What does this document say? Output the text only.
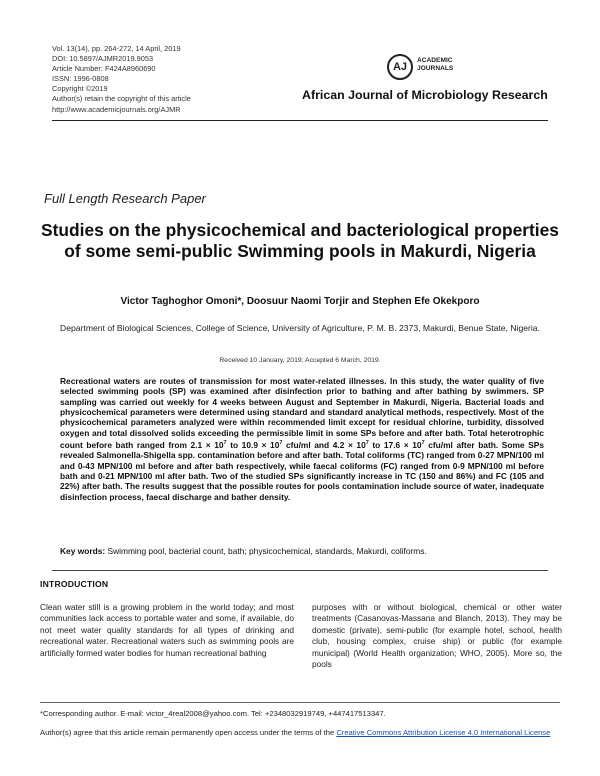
Vol. 13(14), pp. 264-272, 14 April, 2019
DOI: 10.5897/AJMR2019.9053
Article Number: F424A8960690
ISSN: 1996-0808
Copyright ©2019
Author(s) retain the copyright of this article
http://www.academicjournals.org/AJMR
AJ
ACADEMIC
JOURNALS
African Journal of Microbiology Research
Full Length Research Paper
Studies on the physicochemical and bacteriological properties of some semi-public Swimming pools in Makurdi, Nigeria
Victor Taghoghor Omoni*, Doosuur Naomi Torjir and Stephen Efe Okekporo
Department of Biological Sciences, College of Science, University of Agriculture, P. M. B. 2373, Makurdi, Benue State, Nigeria.
Received 10 January, 2019; Accepted 6 March, 2019.
Recreational waters are routes of transmission for most water-related illnesses. In this study, the water quality of five selected swimming pools (SP) was examined after disinfection prior to bathing and after bathing by swimmers. SP sampling was carried out weekly for 4 weeks between August and September in Makurdi, Nigeria. Bacterial loads and physicochemical parameters were determined using standard and standard analytical methods, respectively. Most of the physicochemical parameters analyzed were within recommended limit except for residual chlorine, turbidity, dissolved oxygen and total dissolved solids exceeding the permissible limit in some SPs before and after bath. Total heterotrophic count before bath ranged from $2.1 \times 10^7$ to $10.9 \times 10^7$ cfu/ml and $4.2 \times 10^7$ to $17.6 \times 10^7$ cfu/ml after bath. Some SPs revealed Salmonella-Shigella spp. contamination before and after bath. Total coliforms (TC) ranged from 0-27 MPN/100 ml and 0-43 MPN/100 ml before and after bath respectively, while faecal coliforms (FC) ranged from 0-9 MPN/100 ml before bath and 0-21 MPN/100 ml after bath. Two of the studied SPs significantly increase in TC (150 and 86%) and FC (105 and 22%) after bath. The results suggest that the possible routes for pools contamination include source of water, inadequate disinfection process, faecal discharge and bather density.
Key words: Swimming pool, bacterial count, bath; physicochemical, standards, Makurdi, coliforms.
INTRODUCTION
Clean water still is a growing problem in the world today; and most communities lack access to portable water and some, if available, do not meet water quality standards for all types of drinking and recreational water. Recreational waters such as swimming pools are artificially formed water bodies for human recreational bathing
purposes with or without biological, chemical or other water treatments (Casanovas-Massana and Blanch, 2013). They may be domestic (private), semi-public (for example hotel, school, health club, housing complex, cruise ship) or public (for example municipal) (World Health organization; WHO, 2005). More so, the pools
*Corresponding author. E-mail: victor_4real2008@yahoo.com. Tel: +2348032919749, +447417513347.
Author(s) agree that this article remain permanently open access under the terms of the Creative Commons Attribution License 4.0 International License
